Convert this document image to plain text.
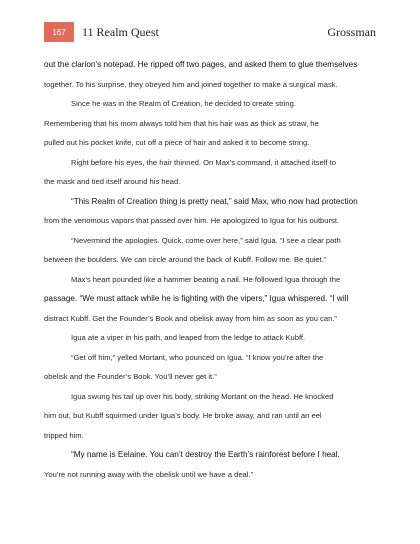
167	11 Realm Quest	Grossman
out the clarion’s notepad. He ripped off two pages, and asked them to glue themselves
together. To his surprise, they obeyed him and joined together to make a surgical mask.
Since he was in the Realm of Creation, he decided to create string.
Remembering that his mom always told him that his hair was as thick as straw, he
pulled out his pocket knife, cut off a piece of hair and asked it to become string.
Right before his eyes, the hair thinned. On Max’s command, it attached itself to
the mask and tied itself around his head.
“This Realm of Creation thing is pretty neat,” said Max, who now had protection
from the venomous vapors that passed over him. He apologized to Igua for his outburst.
“Nevermind the apologies. Quick, come over here,” said Igua. “I see a clear path
between the boulders. We can circle around the back of Kubff. Follow me. Be quiet.”
Max’s heart pounded like a hammer beating a nail. He followed Igua through the
passage. “We must attack while he is fighting with the vipers,” Igua whispered. “I will
distract Kubff. Get the Founder’s Book and obelisk away from him as soon as you can.”
Igua ate a viper in his path, and leaped from the ledge to attack Kubff.
“Get off him,” yelled Mortant, who pounced on Igua. “I know you’re after the
obelisk and the Founder’s Book. You’ll never get it.”
Igua swung his tail up over his body, striking Mortant on the head. He knocked
him out, but Kubff squirmed under Igua’s body. He broke away, and ran until an eel
tripped him.
“My name is Eelaine. You can’t destroy the Earth’s rainforest before I heal.
You’re not running away with the obelisk until we have a deal.”
